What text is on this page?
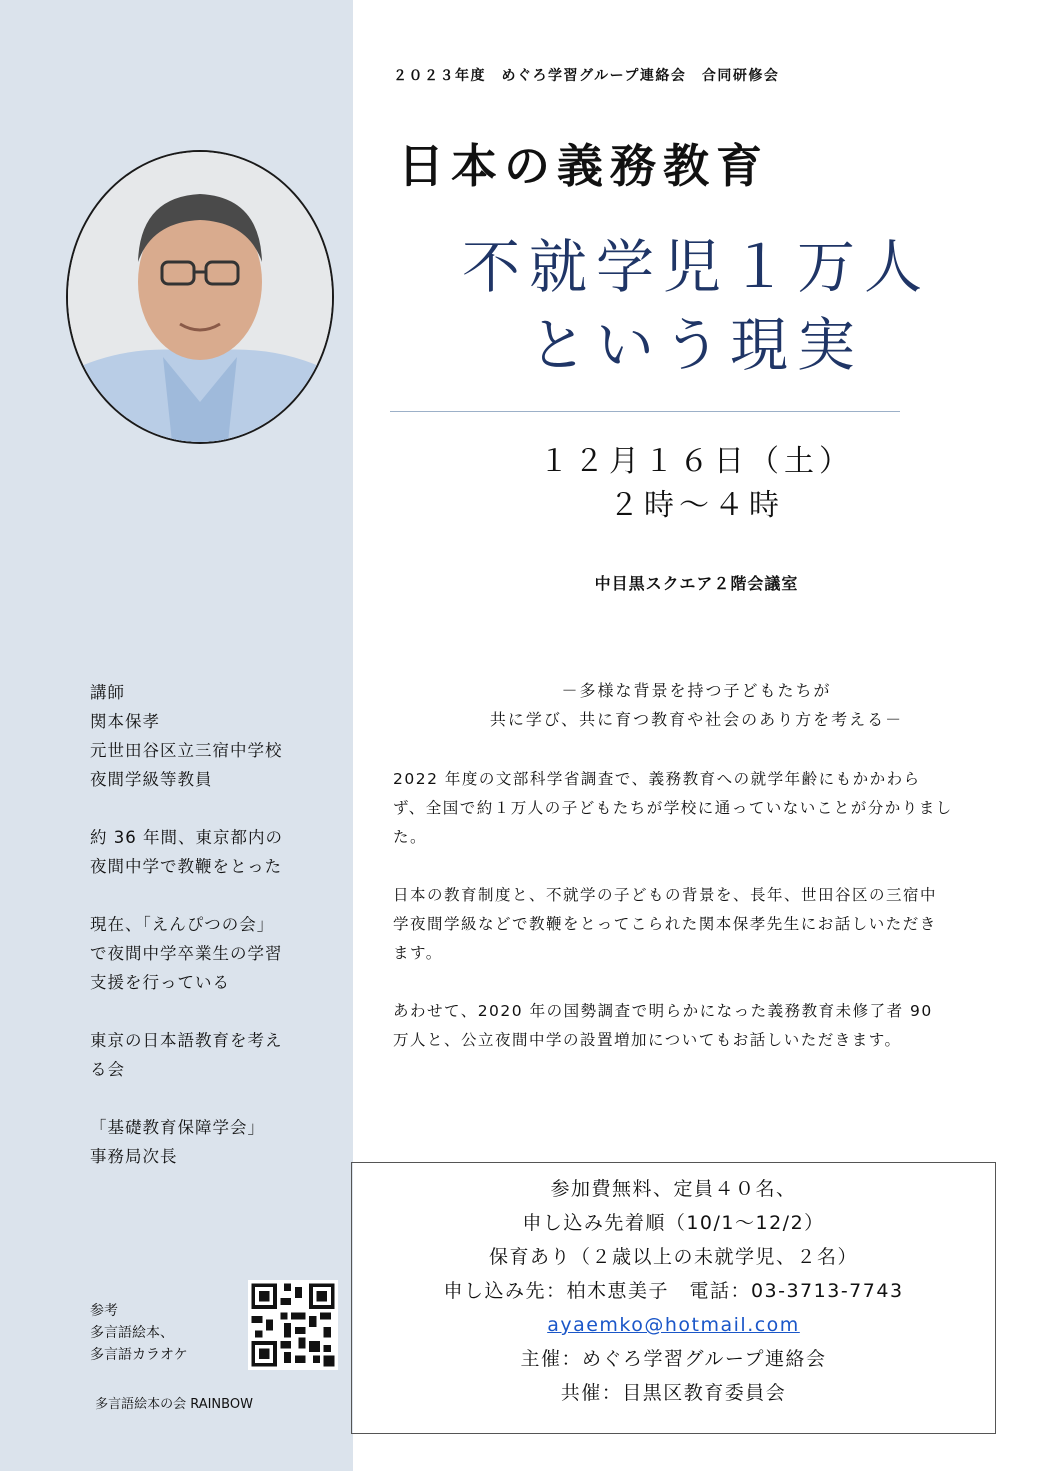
講師
関本保孝
元世田谷区立三宿中学校
夜間学級等教員

約 36 年間、東京都内の
夜間中学で教鞭をとった

現在、「えんぴつの会」
で夜間中学卒業生の学習
支援を行っている

東京の日本語教育を考え
る会

「基礎教育保障学会」
事務局次長

参考
多言語絵本、
多言語カラオケ
多言語絵本の会 RAINBOW
２０２３年度　めぐろ学習グループ連絡会　合同研修会
日本の義務教育
不就学児１万人
という現実
１２月１６日（土）
２時～４時
中目黒スクエア２階会議室
－多様な背景を持つ子どもたちが
共に学び、共に育つ教育や社会のあり方を考える－

2022 年度の文部科学省調査で、義務教育への就学年齢にもかかわらず、全国で約１万人の子どもたちが学校に通っていないことが分かりました。

日本の教育制度と、不就学の子どもの背景を、長年、世田谷区の三宿中学夜間学級などで教鞭をとってこられた関本保孝先生にお話しいただきます。

あわせて、2020 年の国勢調査で明らかになった義務教育未修了者 90 万人と、公立夜間中学の設置増加についてもお話しいただきます。

参加費無料、定員４０名、
申し込み先着順（10/1～12/2）
保育あり（２歳以上の未就学児、２名）
申し込み先：柏木恵美子　電話：03-3713-7743
ayaemko@hotmail.com
主催：めぐろ学習グループ連絡会
共催：目黒区教育委員会
